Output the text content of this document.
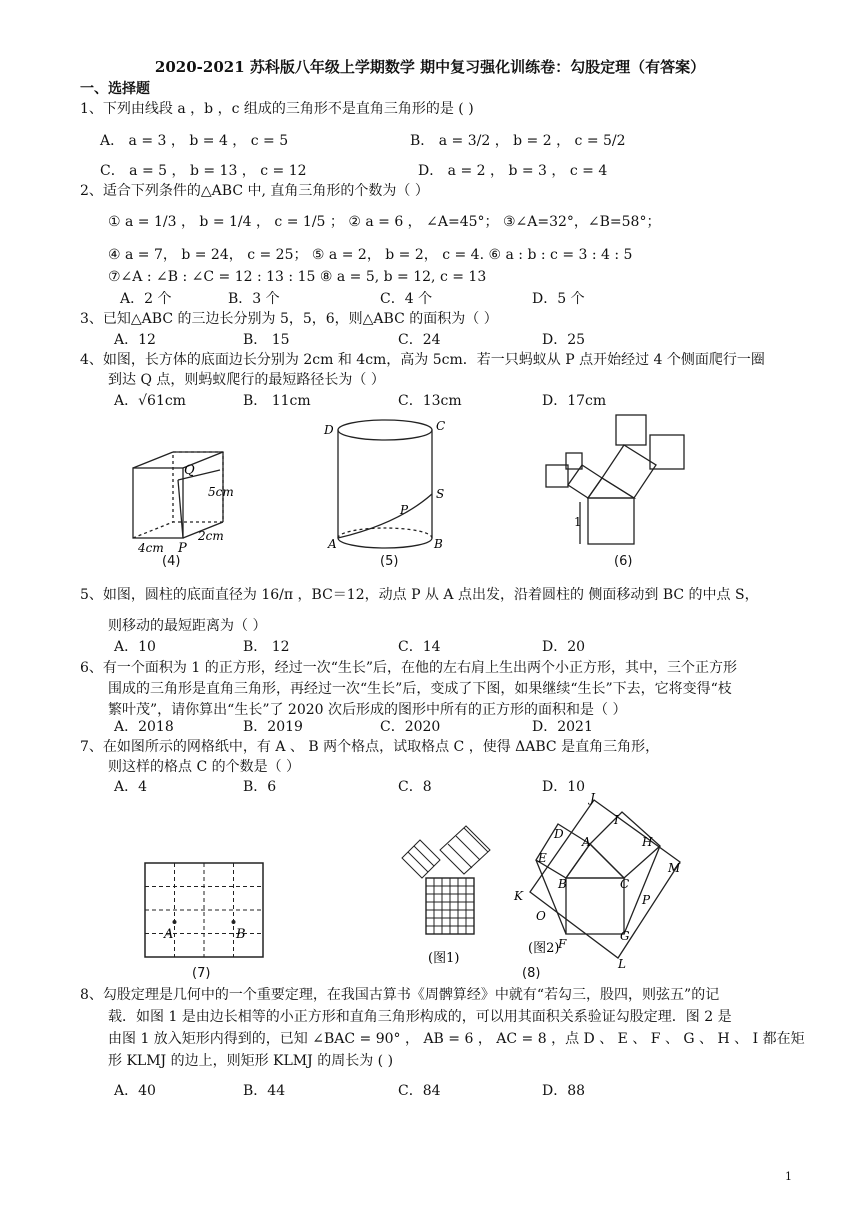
2020-2021 苏科版八年级上学期数学 期中复习强化训练卷：勾股定理（有答案）
一、选择题
1、下列由线段 a ，b ，c 组成的三角形不是直角三角形的是 ( )
A． a = 3 ， b = 4 ， c = 5	B． a = 3/2 ， b = 2 ， c = 5/2
C． a = 5 ， b = 13 ， c = 12	D． a = 2 ， b = 3 ， c = 4
2、适合下列条件的△ABC 中, 直角三角形的个数为（ ）
① a = 1/3 ， b = 1/4 ， c = 1/5 ； ② a = 6 ， ∠A=45°； ③∠A=32°，∠B=58°；
④ a = 7， b = 24， c = 25； ⑤ a = 2， b = 2， c = 4. ⑥ a : b : c = 3 : 4 : 5
⑦∠A : ∠B : ∠C = 12 : 13 : 15 ⑧ a = 5, b = 12, c = 13
A．2 个	B．3 个	C．4 个	D．5 个
3、已知△ABC 的三边长分别为 5，5，6，则△ABC 的面积为（ ）
A．12	B． 15	C．24	D．25
4、如图，长方体的底面边长分别为 2cm 和 4cm，高为 5cm．若一只蚂蚁从 P 点开始经过 4 个侧面爬行一圈
到达 Q 点，则蚂蚁爬行的最短路径长为（ ）
A．√61cm	B． 11cm	C．13cm	D．17cm
Q
5cm
4cm P
2cm
(4)
D	C
S
P
A	B
(5)
1
(6)
5、如图，圆柱的底面直径为 16/π ，BC＝12，动点 P 从 A 点出发，沿着圆柱的 侧面移动到 BC 的中点 S，
则移动的最短距离为（ ）
A．10	B． 12	C．14	D．20
6、有一个面积为 1 的正方形，经过一次“生长”后，在他的左右肩上生出两个小正方形，其中，三个正方形
围成的三角形是直角三角形，再经过一次“生长”后，变成了下图，如果继续“生长”下去，它将变得“枝
繁叶茂”，请你算出“生长”了 2020 次后形成的图形中所有的正方形的面积和是（ ）
A．2018	B．2019	C．2020	D．2021
7、在如图所示的网格纸中，有 A 、 B 两个格点，试取格点 C ，使得 ΔABC 是直角三角形，
则这样的格点 C 的个数是（ ）
A．4	B．6	C．8	D．10
A	B
(7)
(图1)
J
I
D
A	H
E
M
K
B	C
P
O
F
G
L
(图2)
(8)
8、勾股定理是几何中的一个重要定理，在我国古算书《周髀算经》中就有“若勾三，股四，则弦五”的记
载．如图 1 是由边长相等的小正方形和直角三角形构成的，可以用其面积关系验证勾股定理．图 2 是
由图 1 放入矩形内得到的，已知 ∠BAC = 90° ， AB = 6 ， AC = 8 ，点 D 、 E 、 F 、 G 、 H 、 I 都在矩
形 KLMJ 的边上，则矩形 KLMJ 的周长为 ( )
A．40	B．44	C．84	D．88
1
